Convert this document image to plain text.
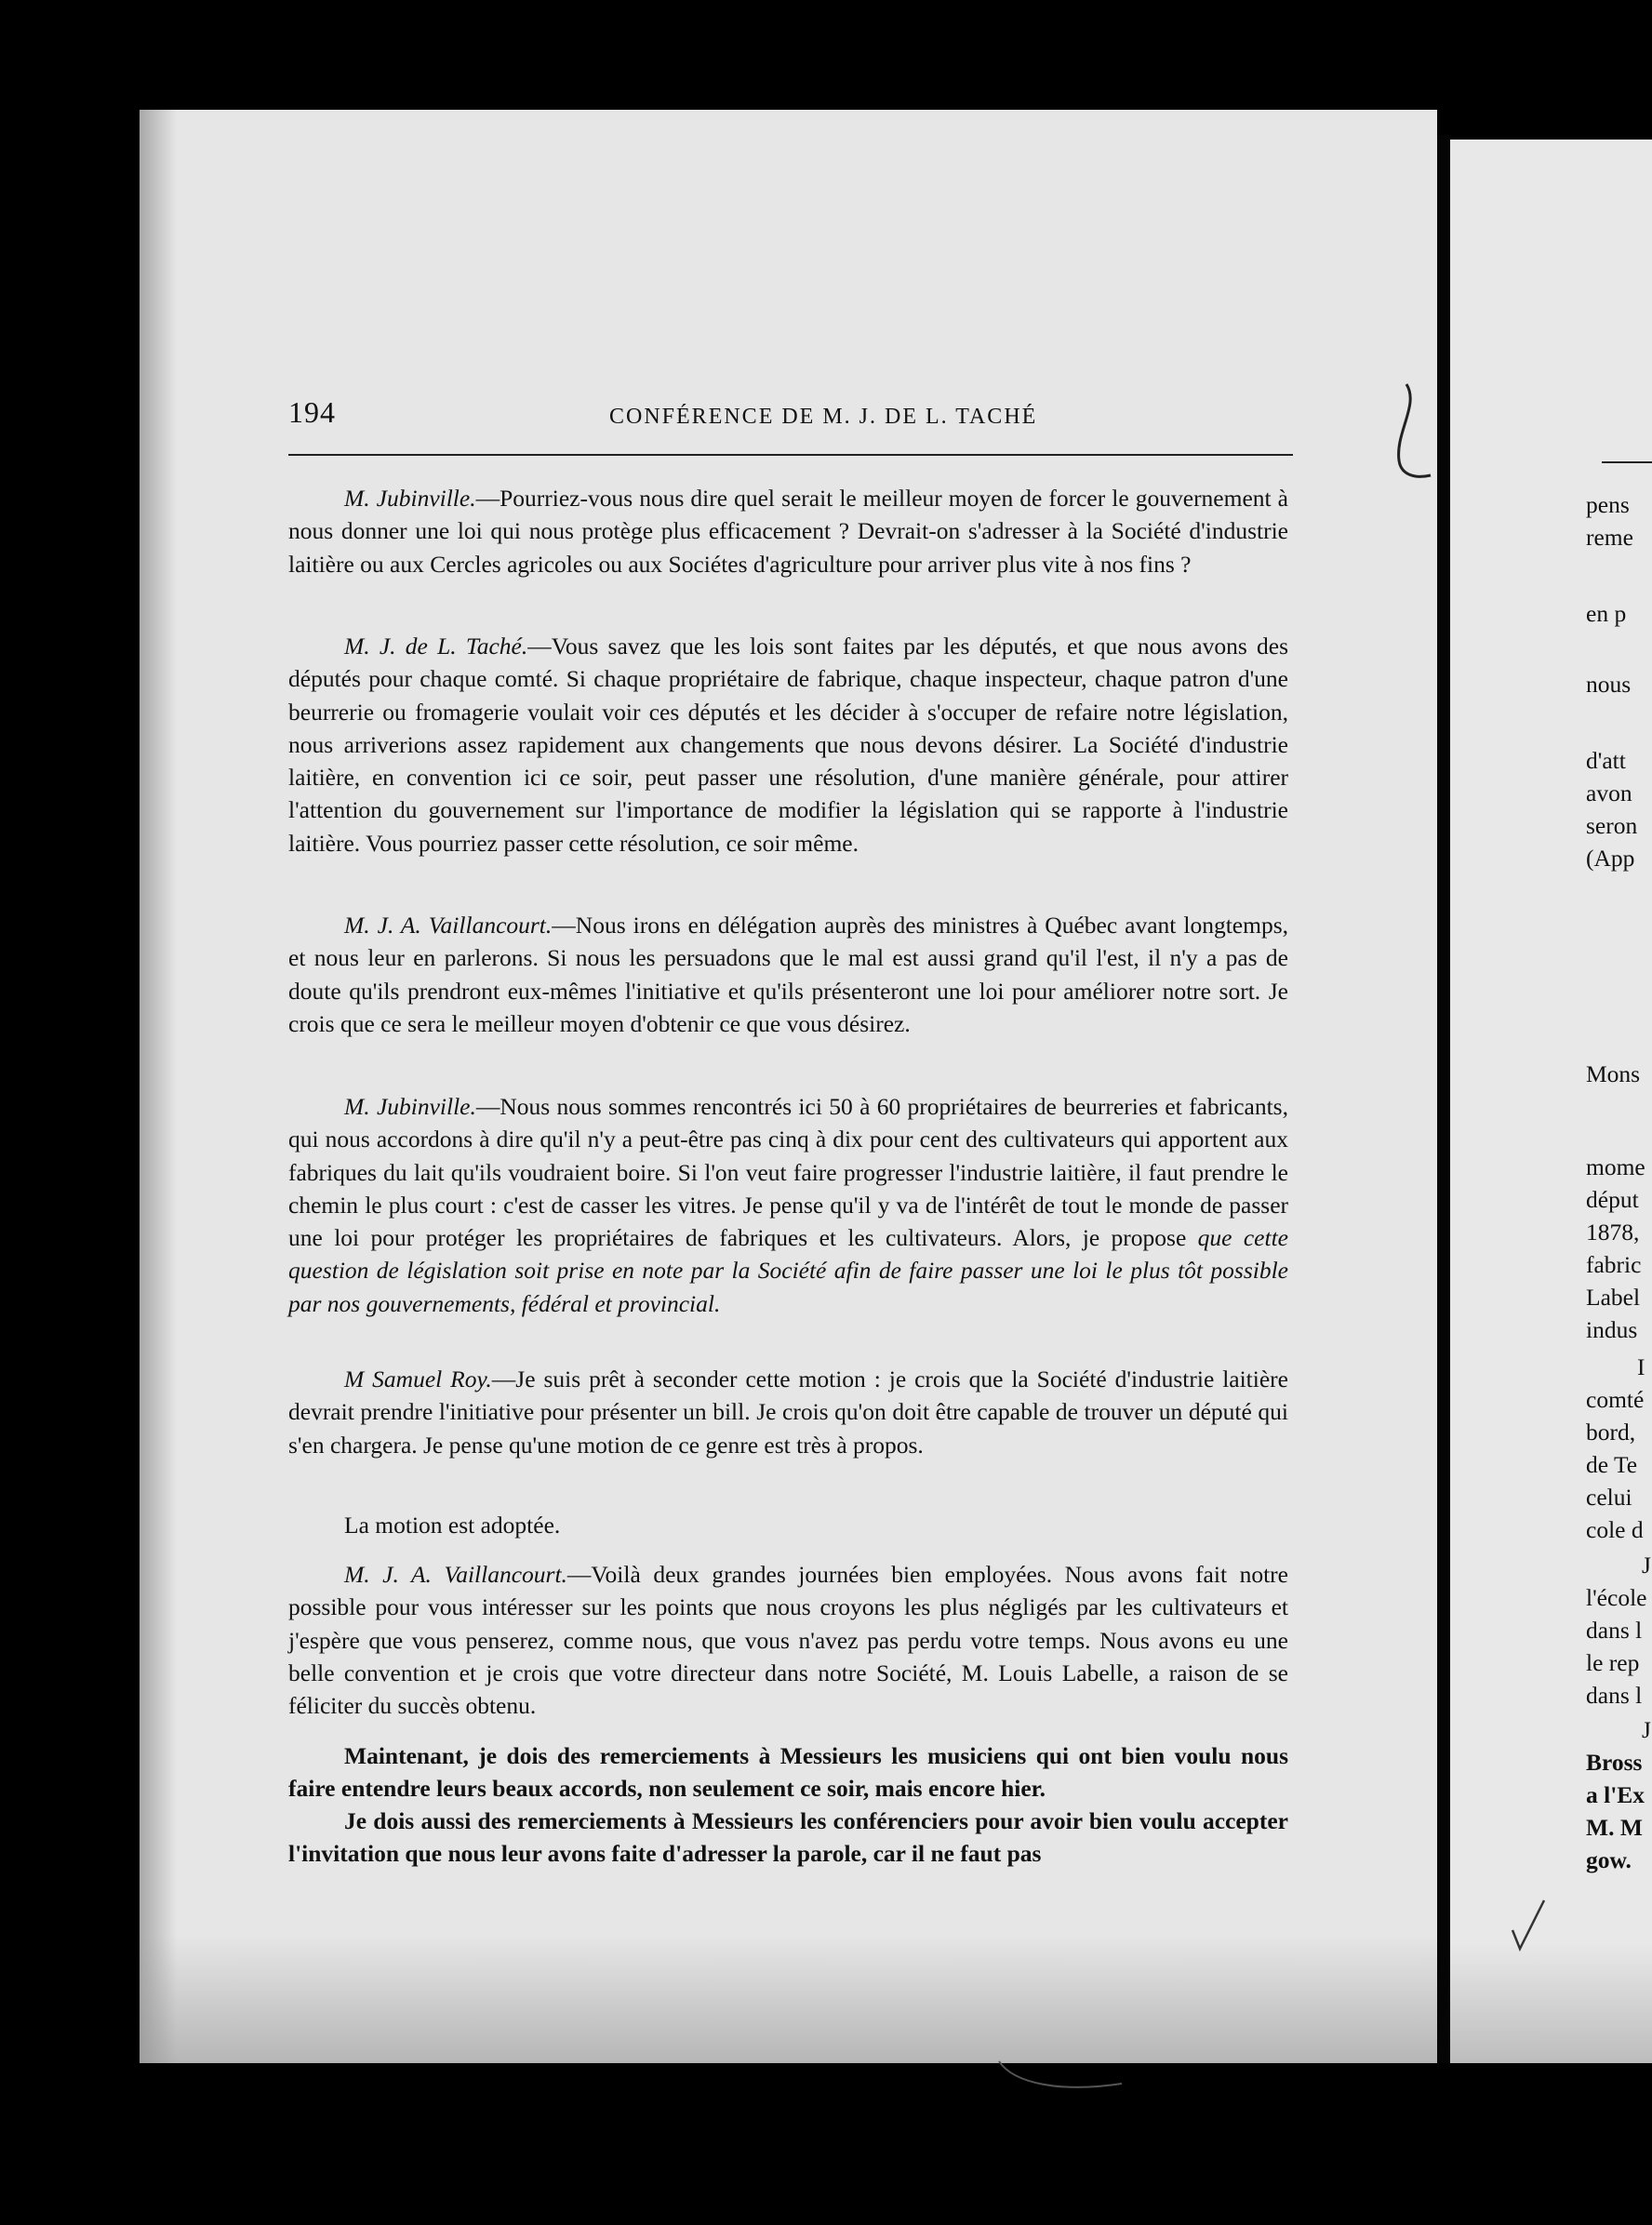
194	CONFÉRENCE DE M. J. DE L. TACHÉ

M. Jubinville.—Pourriez-vous nous dire quel serait le meilleur moyen de forcer le gouvernement à nous donner une loi qui nous protège plus efficacement ? Devrait-on s'adresser à la Société d'industrie laitière ou aux Cercles agricoles ou aux Sociétes d'agriculture pour arriver plus vite à nos fins ?

M. J. de L. Taché.—Vous savez que les lois sont faites par les députés, et que nous avons des députés pour chaque comté. Si chaque propriétaire de fabrique, chaque inspecteur, chaque patron d'une beurrerie ou fromagerie voulait voir ces députés et les décider à s'occuper de refaire notre législation, nous arriverions assez rapidement aux changements que nous devons désirer. La Société d'industrie laitière, en convention ici ce soir, peut passer une résolution, d'une manière générale, pour attirer l'attention du gouvernement sur l'importance de modifier la législation qui se rapporte à l'industrie laitière. Vous pourriez passer cette résolution, ce soir même.

M. J. A. Vaillancourt.—Nous irons en délégation auprès des ministres à Québec avant longtemps, et nous leur en parlerons. Si nous les persuadons que le mal est aussi grand qu'il l'est, il n'y a pas de doute qu'ils prendront eux-mêmes l'initiative et qu'ils présenteront une loi pour améliorer notre sort. Je crois que ce sera le meilleur moyen d'obtenir ce que vous désirez.

M. Jubinville.—Nous nous sommes rencontrés ici 50 à 60 propriétaires de beurreries et fabricants, qui nous accordons à dire qu'il n'y a peut-être pas cinq à dix pour cent des cultivateurs qui apportent aux fabriques du lait qu'ils voudraient boire. Si l'on veut faire progresser l'industrie laitière, il faut prendre le chemin le plus court : c'est de casser les vitres. Je pense qu'il y va de l'intérêt de tout le monde de passer une loi pour protéger les propriétaires de fabriques et les cultivateurs. Alors, je propose que cette question de législation soit prise en note par la Société afin de faire passer une loi le plus tôt possible par nos gouvernements, fédéral et provincial.

M Samuel Roy.—Je suis prêt à seconder cette motion : je crois que la Société d'industrie laitière devrait prendre l'initiative pour présenter un bill. Je crois qu'on doit être capable de trouver un député qui s'en chargera. Je pense qu'une motion de ce genre est très à propos.

La motion est adoptée.

M. J. A. Vaillancourt.—Voilà deux grandes journées bien employées. Nous avons fait notre possible pour vous intéresser sur les points que nous croyons les plus négligés par les cultivateurs et j'espère que vous penserez, comme nous, que vous n'avez pas perdu votre temps. Nous avons eu une belle convention et je crois que votre directeur dans notre Société, M. Louis Labelle, a raison de se féliciter du succès obtenu.

Maintenant, je dois des remerciements à Messieurs les musiciens qui ont bien voulu nous faire entendre leurs beaux accords, non seulement ce soir, mais encore hier.

Je dois aussi des remerciements à Messieurs les conférenciers pour avoir bien voulu accepter l'invitation que nous leur avons faite d'adresser la parole, car il ne faut pas

pens
reme
en p
nous
d'att
avon
seron
(App
Mons
mome
déput
1878,
fabric
Label
indus
I
comté
bord,
de Te
celui
cole d
J
l'école
dans l
le rep
dans l
J
Bross
a l'Ex
M. M
gow.
